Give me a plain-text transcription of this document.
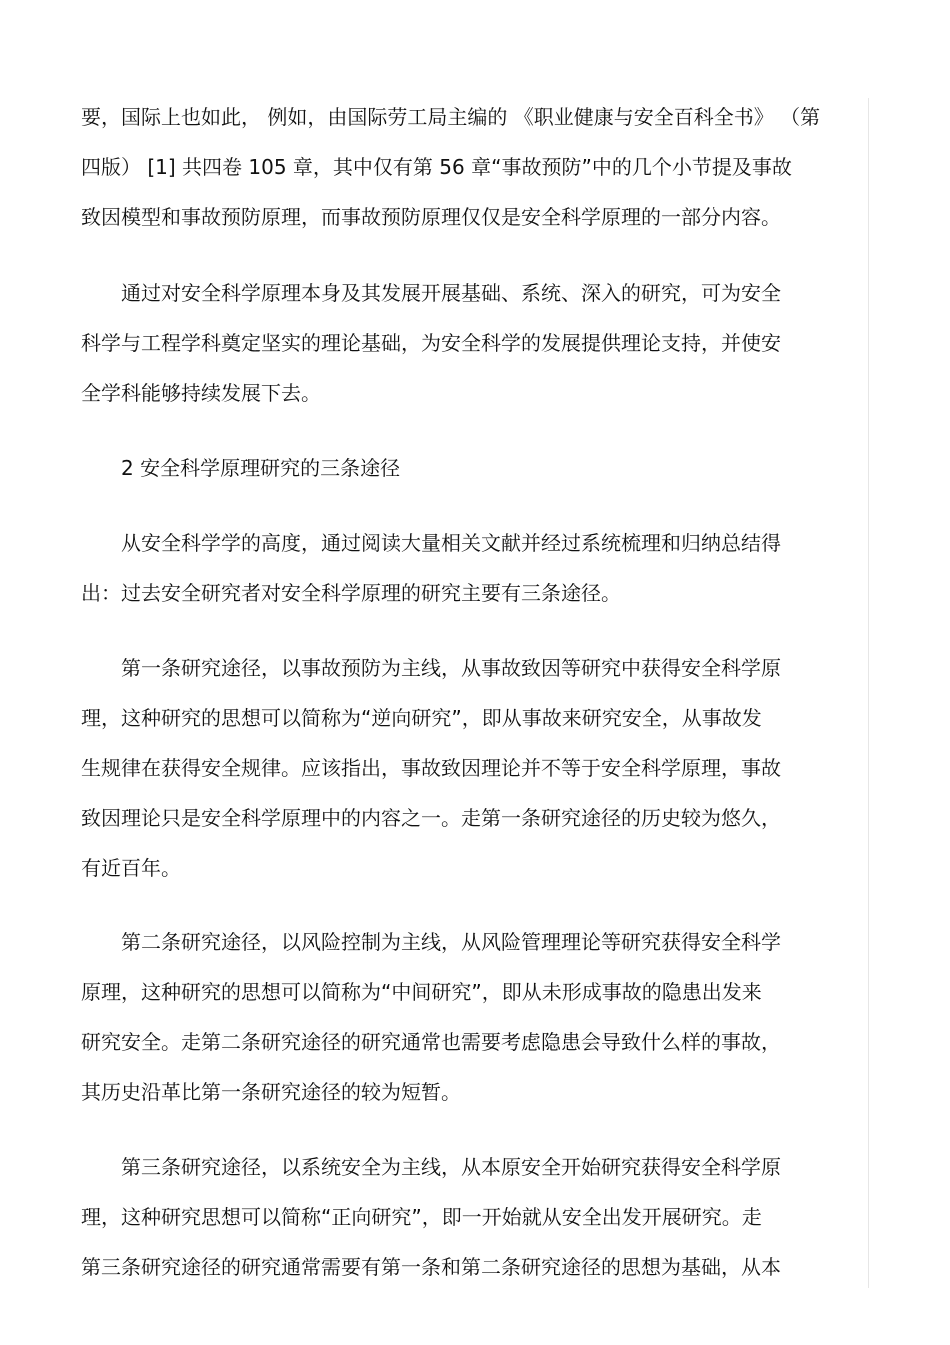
要，国际上也如此， 例如，由国际劳工局主编的 《职业健康与安全百科全书》 （第
四版） [1] 共四卷 105 章，其中仅有第 56 章“事故预防”中的几个小节提及事故
致因模型和事故预防原理，而事故预防原理仅仅是安全科学原理的一部分内容。
通过对安全科学原理本身及其发展开展基础、系统、深入的研究，可为安全
科学与工程学科奠定坚实的理论基础，为安全科学的发展提供理论支持，并使安
全学科能够持续发展下去。
2 安全科学原理研究的三条途径
从安全科学学的高度，通过阅读大量相关文献并经过系统梳理和归纳总结得
出：过去安全研究者对安全科学原理的研究主要有三条途径。
第一条研究途径，以事故预防为主线，从事故致因等研究中获得安全科学原
理，这种研究的思想可以简称为“逆向研究”，即从事故来研究安全，从事故发
生规律在获得安全规律。应该指出，事故致因理论并不等于安全科学原理，事故
致因理论只是安全科学原理中的内容之一。走第一条研究途径的历史较为悠久，
有近百年。
第二条研究途径，以风险控制为主线，从风险管理理论等研究获得安全科学
原理，这种研究的思想可以简称为“中间研究”，即从未形成事故的隐患出发来
研究安全。走第二条研究途径的研究通常也需要考虑隐患会导致什么样的事故，
其历史沿革比第一条研究途径的较为短暂。
第三条研究途径，以系统安全为主线，从本原安全开始研究获得安全科学原
理，这种研究思想可以简称“正向研究”，即一开始就从安全出发开展研究。走
第三条研究途径的研究通常需要有第一条和第二条研究途径的思想为基础，从本
